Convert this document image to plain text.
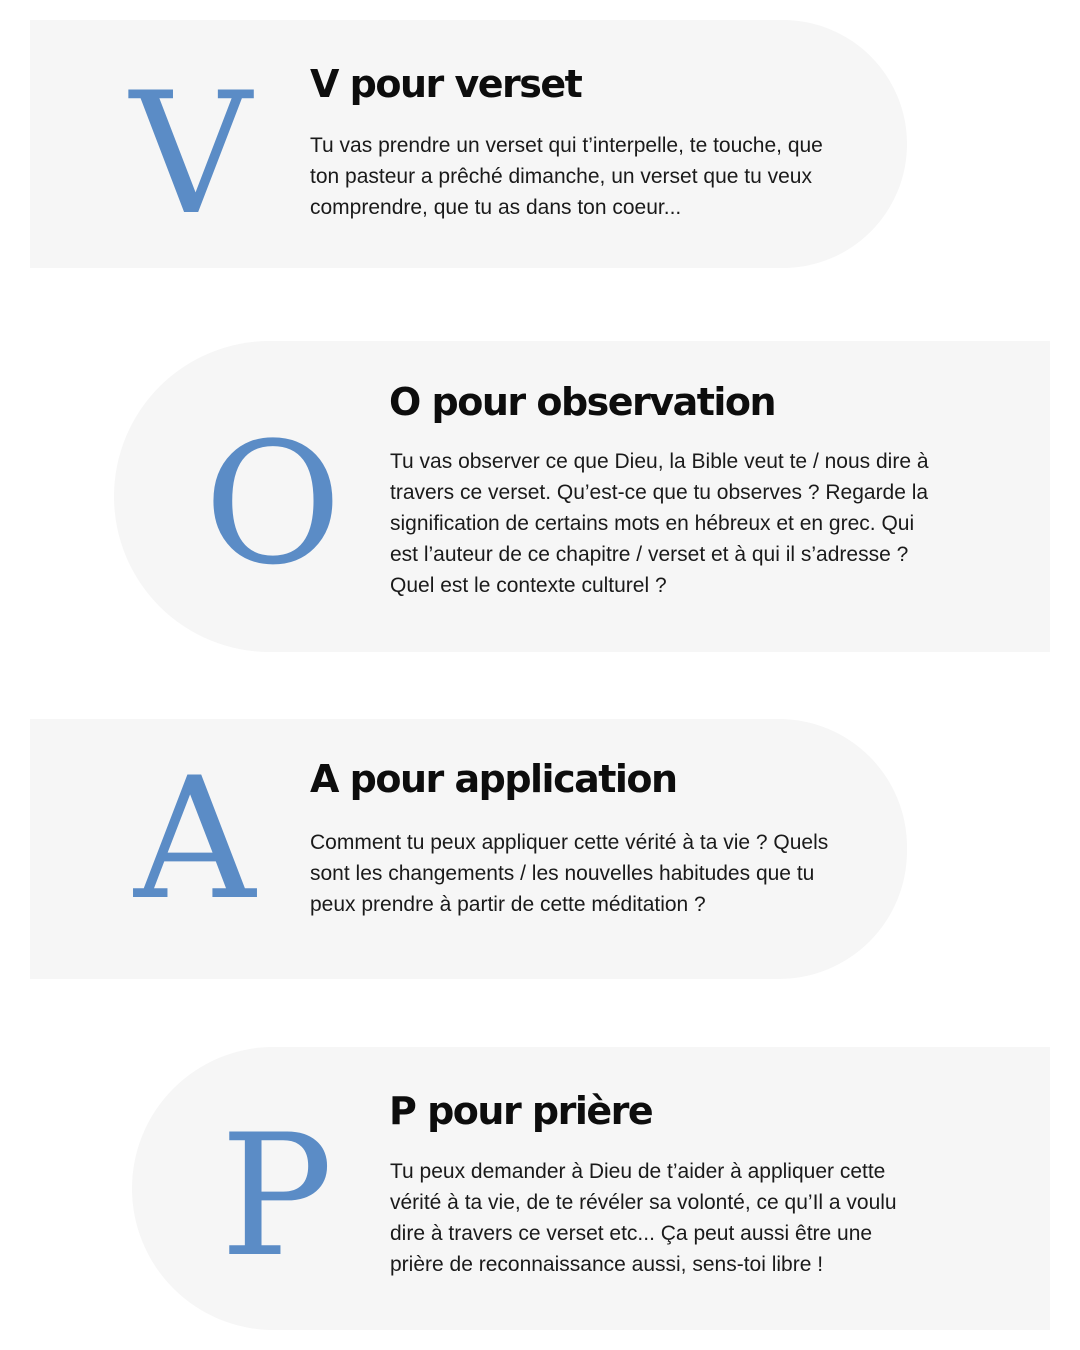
V V pour verset
Tu vas prendre un verset qui t’interpelle, te touche, que
ton pasteur a prêché dimanche, un verset que tu veux
comprendre, que tu as dans ton coeur...
O
O pour observation
Tu vas observer ce que Dieu, la Bible veut te / nous dire à
travers ce verset. Qu’est-ce que tu observes ? Regarde la
signification de certains mots en hébreux et en grec. Qui
est l’auteur de ce chapitre / verset et à qui il s’adresse ?
Quel est le contexte culturel ?
A A pour application
Comment tu peux appliquer cette vérité à ta vie ? Quels
sont les changements / les nouvelles habitudes que tu
peux prendre à partir de cette méditation ?
P P pour prière
Tu peux demander à Dieu de t’aider à appliquer cette
vérité à ta vie, de te révéler sa volonté, ce qu’Il a voulu
dire à travers ce verset etc... Ça peut aussi être une
prière de reconnaissance aussi, sens-toi libre !
